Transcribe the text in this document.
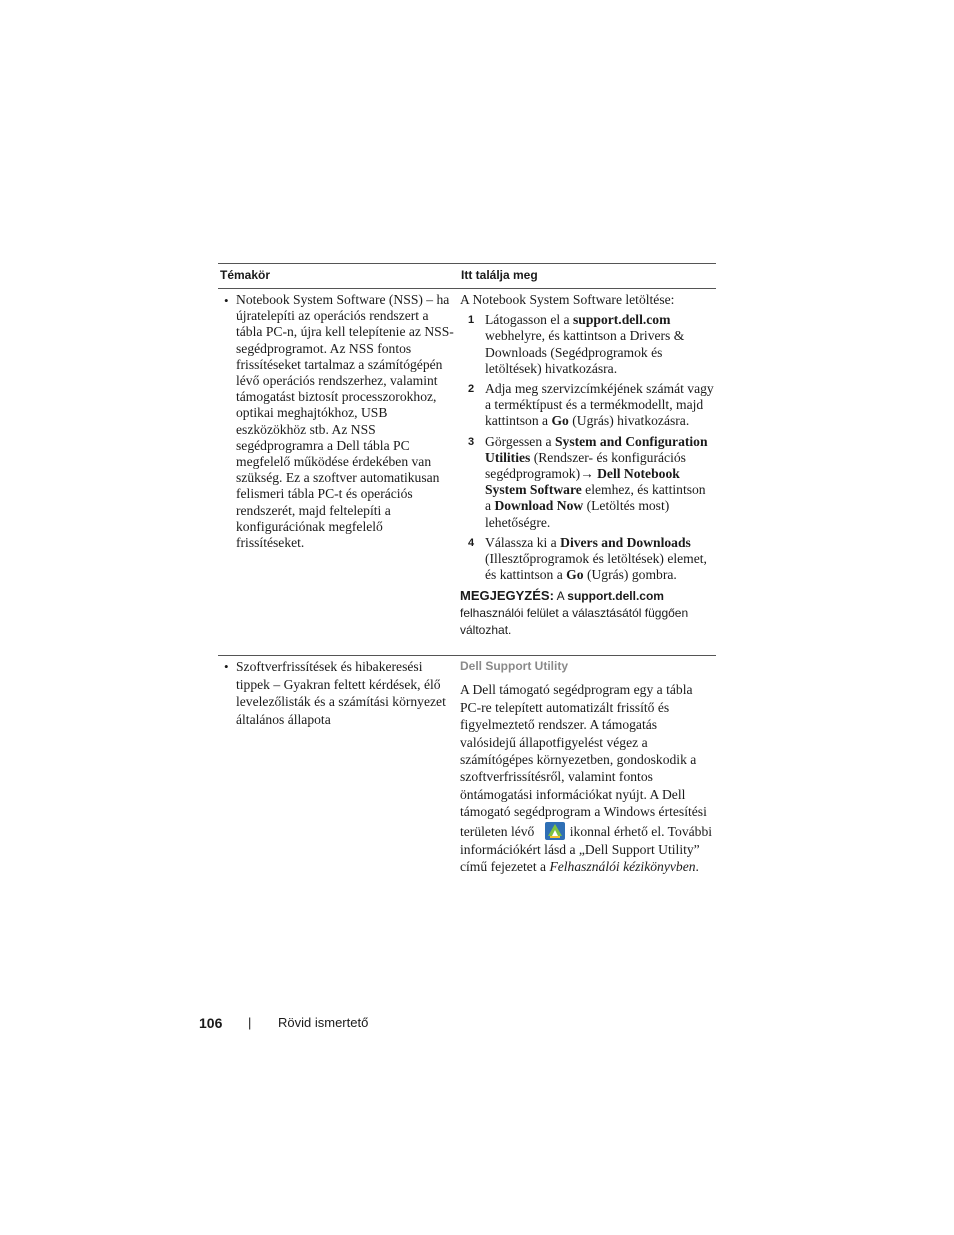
Témakör	Itt találja meg
• Notebook System Software (NSS) – ha újratelepíti az operációs rendszert a tábla PC-n, újra kell telepítenie az NSS-segédprogramot. Az NSS fontos frissítéseket tartalmaz a számítógépén lévő operációs rendszerhez, valamint támogatást biztosít processzorokhoz, optikai meghajtókhoz, USB eszközökhöz stb. Az NSS segédprogramra a Dell tábla PC megfelelő működése érdekében van szükség. Ez a szoftver automatikusan felismeri tábla PC-t és operációs rendszerét, majd feltelepíti a konfigurációnak megfelelő frissítéseket.
A Notebook System Software letöltése:
1 Látogasson el a support.dell.com webhelyre, és kattintson a Drivers & Downloads (Segédprogramok és letöltések) hivatkozásra.
2 Adja meg szervizcímkéjének számát vagy a terméktípust és a termékmodellt, majd kattintson a Go (Ugrás) hivatkozásra.
3 Görgessen a System and Configuration Utilities (Rendszer- és konfigurációs segédprogramok)→ Dell Notebook System Software elemhez, és kattintson a Download Now (Letöltés most) lehetőségre.
4 Válassza ki a Divers and Downloads (Illesztőprogramok és letöltések) elemet, és kattintson a Go (Ugrás) gombra.
MEGJEGYZÉS: A support.dell.com felhasználói felület a választásától függően változhat.
• Szoftverfrissítések és hibakeresési tippek – Gyakran feltett kérdések, élő levelezőlisták és a számítási környezet általános állapota
Dell Support Utility
A Dell támogató segédprogram egy a tábla PC-re telepített automatizált frissítő és figyelmeztető rendszer. A támogatás valósidejű állapotfigyelést végez a számítógépes környezetben, gondoskodik a szoftverfrissítésről, valamint fontos öntámogatási információkat nyújt. A Dell támogató segédprogram a Windows értesítési területen lévő	ikonnal érhető el. További információkért lásd a „Dell Support Utility” című fejezetet a Felhasználói kézikönyvben.
106 | Rövid ismertető
